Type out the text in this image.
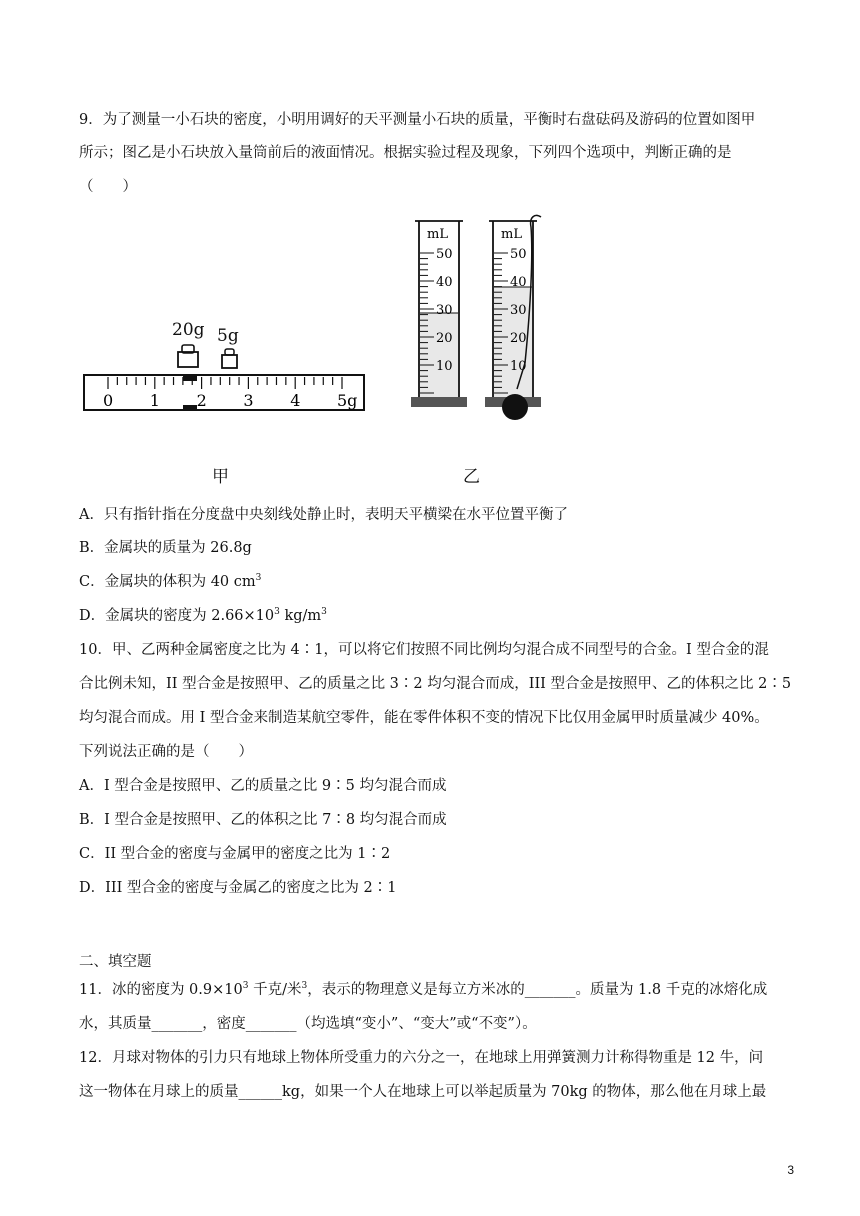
9．为了测量一小石块的密度，小明用调好的天平测量小石块的质量，平衡时右盘砝码及游码的位置如图甲
所示；图乙是小石块放入量筒前后的液面情况。根据实验过程及现象，下列四个选项中，判断正确的是
（　　）
20g 5g
0 1 2 3 4 5g
mL
50
40
30
20
10
mL
50
40
30
20
10
甲	乙
A．只有指针指在分度盘中央刻线处静止时，表明天平横梁在水平位置平衡了
B．金属块的质量为 26.8g
C．金属块的体积为 40 $cm^3$
D．金属块的密度为 $2.66\times 10^3$ $kg/m^3$
10．甲、乙两种金属密度之比为 4∶1，可以将它们按照不同比例均匀混合成不同型号的合金。I 型合金的混
合比例未知，II 型合金是按照甲、乙的质量之比 3∶2 均匀混合而成，III 型合金是按照甲、乙的体积之比 2∶5
均匀混合而成。用 I 型合金来制造某航空零件，能在零件体积不变的情况下比仅用金属甲时质量减少 40%。
下列说法正确的是（　　）
A．I 型合金是按照甲、乙的质量之比 9∶5 均匀混合而成
B．I 型合金是按照甲、乙的体积之比 7∶8 均匀混合而成
C．II 型合金的密度与金属甲的密度之比为 1∶2
D．III 型合金的密度与金属乙的密度之比为 2∶1
二、填空题
11．冰的密度为 $0.9\times 10^3$ 千克/米$^3$，表示的物理意义是每立方米冰的_______。质量为 1.8 千克的冰熔化成
水，其质量_______，密度_______（均选填“变小”、“变大”或“不变”）。
12．月球对物体的引力只有地球上物体所受重力的六分之一，在地球上用弹簧测力计称得物重是 12 牛，问
这一物体在月球上的质量______kg，如果一个人在地球上可以举起质量为 70kg 的物体，那么他在月球上最
3
